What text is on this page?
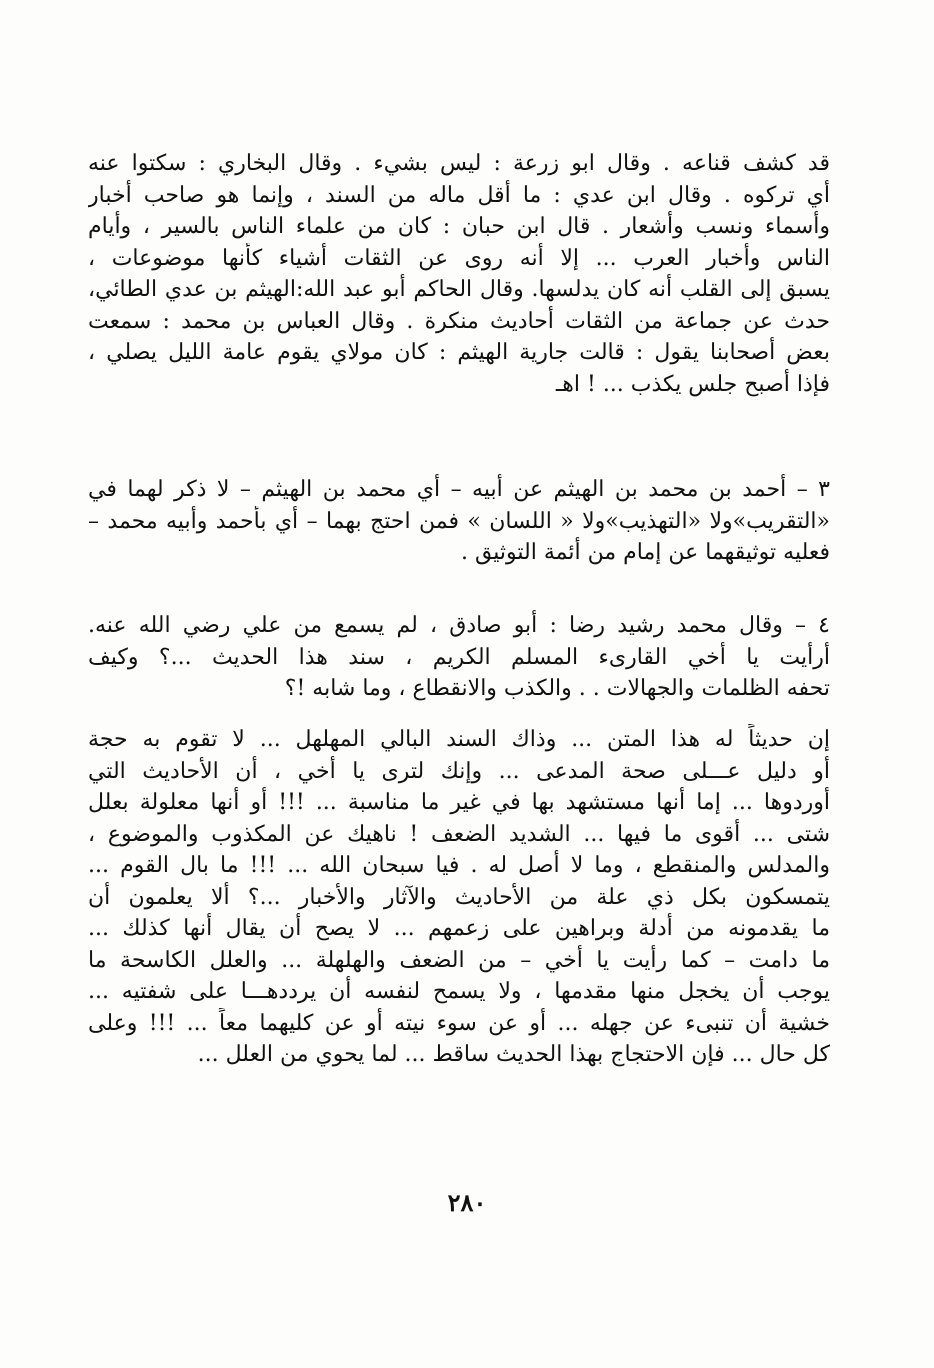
قد كشف قناعه . وقال ابو زرعة : ليس بشيء . وقال البخاري : سكتوا عنه
أي تركوه . وقال ابن عدي : ما أقل ماله من السند ، وإنما هو صاحب أخبار
وأسماء ونسب وأشعار . قال ابن حبان : كان من علماء الناس بالسير ، وأيام
الناس وأخبار العرب ... إلا أنه روى عن الثقات أشياء كأنها موضوعات ،
يسبق إلى القلب أنه كان يدلسها. وقال الحاكم أبو عبد الله:الهيثم بن عدي الطائي،
حدث عن جماعة من الثقات أحاديث منكرة . وقال العباس بن محمد : سمعت
بعض أصحابنا يقول : قالت جارية الهيثم : كان مولاي يقوم عامة الليل يصلي ،
فإذا أصبح جلس يكذب ... ! اهـ
٣ – أحمد بن محمد بن الهيثم عن أبيه – أي محمد بن الهيثم – لا ذكر لهما في
«التقريب»ولا «التهذيب»ولا « اللسان » فمن احتج بهما – أي بأحمد وأبيه محمد –
فعليه توثيقهما عن إمام من أئمة التوثيق .
٤ – وقال محمد رشيد رضا : أبو صادق ، لم يسمع من علي رضي الله عنه.
أرأيت يا أخي القارىء المسلم الكريم ، سند هذا الحديث ...؟ وكيف
تحفه الظلمات والجهالات . . والكذب والانقطاع ، وما شابه !؟
إن حديثاً له هذا المتن ... وذاك السند البالي المهلهل ... لا تقوم به حجة
أو دليل عـــلى صحة المدعى ... وإنك لترى يا أخي ، أن الأحاديث التي
أوردوها ... إما أنها مستشهد بها في غير ما مناسبة ... !!! أو أنها معلولة بعلل
شتى ... أقوى ما فيها ... الشديد الضعف ! ناهيك عن المكذوب والموضوع ،
والمدلس والمنقطع ، وما لا أصل له . فيا سبحان الله ... !!! ما بال القوم ...
يتمسكون بكل ذي علة من الأحاديث والآثار والأخبار ...؟ ألا يعلمون أن
ما يقدمونه من أدلة وبراهين على زعمهم ... لا يصح أن يقال أنها كذلك ...
ما دامت – كما رأيت يا أخي – من الضعف والهلهلة ... والعلل الكاسحة ما
يوجب أن يخجل منها مقدمها ، ولا يسمح لنفسه أن يرددهـــا على شفتيه ...
خشية أن تنبىء عن جهله ... أو عن سوء نيته أو عن كليهما معاً ... !!! وعلى
كل حال ... فإن الاحتجاج بهذا الحديث ساقط ... لما يحوي من العلل ...
٢٨٠
